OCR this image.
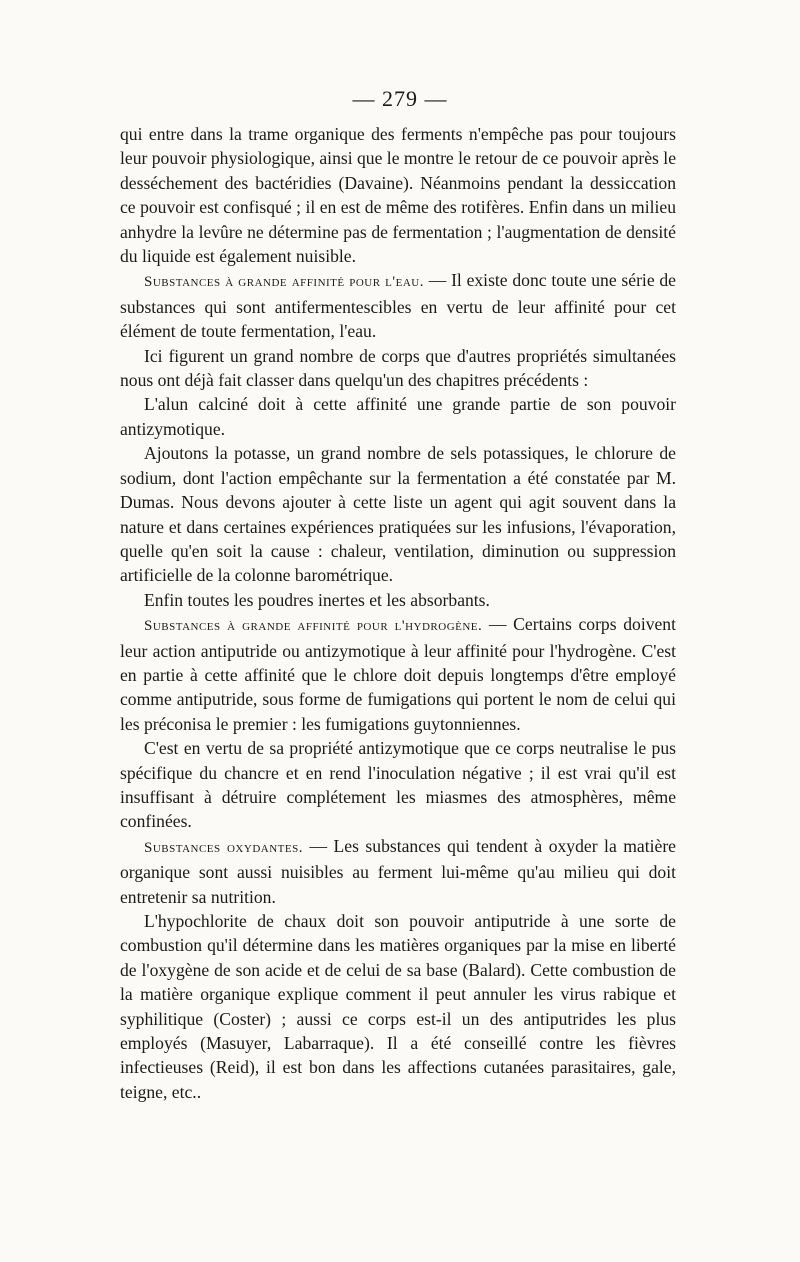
— 279 —

qui entre dans la trame organique des ferments n'empêche pas pour toujours leur pouvoir physiologique, ainsi que le montre le retour de ce pouvoir après le desséchement des bactéridies (Davaine). Néanmoins pendant la dessiccation ce pouvoir est confisqué ; il en est de même des rotifères. Enfin dans un milieu anhydre la levûre ne détermine pas de fermentation ; l'augmentation de densité du liquide est également nuisible.

Substances à grande affinité pour l'eau. — Il existe donc toute une série de substances qui sont antifermentescibles en vertu de leur affinité pour cet élément de toute fermentation, l'eau.

Ici figurent un grand nombre de corps que d'autres propriétés simultanées nous ont déjà fait classer dans quelqu'un des chapitres précédents :

L'alun calciné doit à cette affinité une grande partie de son pouvoir antizymotique.

Ajoutons la potasse, un grand nombre de sels potassiques, le chlorure de sodium, dont l'action empêchante sur la fermentation a été constatée par M. Dumas. Nous devons ajouter à cette liste un agent qui agit souvent dans la nature et dans certaines expériences pratiquées sur les infusions, l'évaporation, quelle qu'en soit la cause : chaleur, ventilation, diminution ou suppression artificielle de la colonne barométrique.

Enfin toutes les poudres inertes et les absorbants.

Substances à grande affinité pour l'hydrogène. — Certains corps doivent leur action antiputride ou antizymotique à leur affinité pour l'hydrogène. C'est en partie à cette affinité que le chlore doit depuis longtemps d'être employé comme antiputride, sous forme de fumigations qui portent le nom de celui qui les préconisa le premier : les fumigations guytonniennes.

C'est en vertu de sa propriété antizymotique que ce corps neutralise le pus spécifique du chancre et en rend l'inoculation négative ; il est vrai qu'il est insuffisant à détruire complétement les miasmes des atmosphères, même confinées.

Substances oxydantes. — Les substances qui tendent à oxyder la matière organique sont aussi nuisibles au ferment lui-même qu'au milieu qui doit entretenir sa nutrition.

L'hypochlorite de chaux doit son pouvoir antiputride à une sorte de combustion qu'il détermine dans les matières organiques par la mise en liberté de l'oxygène de son acide et de celui de sa base (Balard). Cette combustion de la matière organique explique comment il peut annuler les virus rabique et syphilitique (Coster) ; aussi ce corps est-il un des antiputrides les plus employés (Masuyer, Labarraque). Il a été conseillé contre les fièvres infectieuses (Reid), il est bon dans les affections cutanées parasitaires, gale, teigne, etc..
